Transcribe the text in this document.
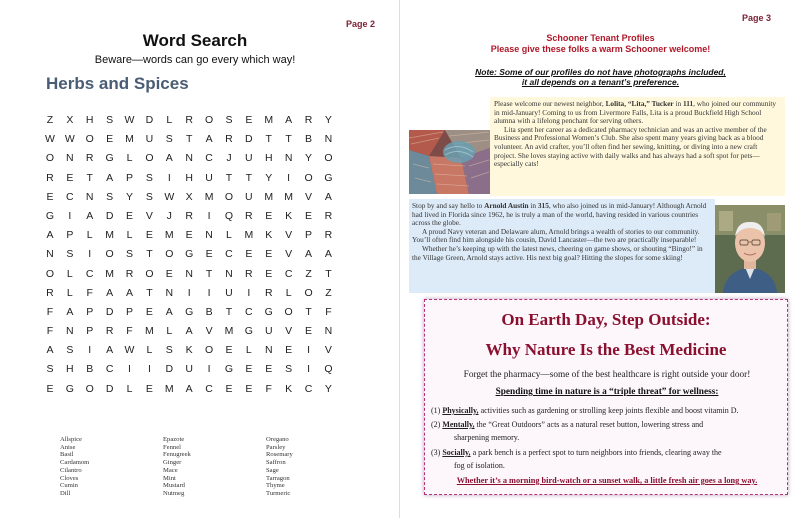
Page 2
Word Search
Beware—words can go every which way!
Herbs and Spices
Z	X	H	S	W	D	L	R	O	S	E	M	A	R	Y
W W	O	E	M	U	S	T	A	R	D	T	T	B	N
O	N	R	G	L	O	A	N	C	J	U	H	N	Y	O
R	E	T	A	P	S	I	H	U	T	T	Y	I	O	G
E	C	N	S	Y	S	W	X	M	O	U	M	M	V	A
G	I	A	D	E	V	J	R	I	Q	R	E	K	E	R
A	P	L	M	L	E	M	E	N	L	M	K	V	P	R
N	S	I	O	S	T	O	G	E	C	E	E	V	A	A
O	L	C	M	R	O	E	N	T	N	R	E	C	Z	T
R	L	F	A	A	T	N	I	I	U	I	R	L	O	Z
F	A	P	D	P	E	A	G	B	T	C	G	O	T	F
F	N	P	R	F	M	L	A	V	M	G	U	V	E	N
A	S	I	A	W	L	S	K	O	E	L	N	E	I	V
S	H	B	C	I	I	D	U	I	G	E	E	S	I	Q
E	G	O	D	L	E	M	A	C	E	E	F	K	C	Y
Allspice
Anise
Basil
Cardamom
Cilantro
Cloves
Cumin
Dill
Epazote
Fennel
Fenugreek
Ginger
Mace
Mint
Mustard
Nutmeg
Oregano
Parsley
Rosemary
Saffron
Sage
Tarragon
Thyme
Turmeric
Page 3
Schooner Tenant Profiles
Please give these folks a warm Schooner welcome!
Note: Some of our profiles do not have photographs included,
it all depends on a tenant’s preference.

Please welcome our newest neighbor, Lolita, “Lita,” Tucker in 111, who joined our community in mid-January! Coming to us from Livermore Falls, Lita is a proud Buckfield High School alumna with a lifelong penchant for serving others.

Lita spent her career as a dedicated pharmacy technician and was an active member of the Business and Professional Women’s Club. She also spent many years giving back as a blood volunteer. An avid crafter, you’ll often find her sewing, knitting, or diving into a new craft project. She loves staying active with daily walks and has always had a soft spot for pets—especially cats!

Stop by and say hello to Arnold Austin in 315, who also joined us in mid-January! Although Arnold had lived in Florida since 1962, he is truly a man of the world, having resided in various countries across the globe.

A proud Navy veteran and Delaware alum, Arnold brings a wealth of stories to our community. You’ll often find him alongside his cousin, David Lancaster—the two are practically inseparable!

Whether he’s keeping up with the latest news, cheering on game shows, or shouting “Bingo!” in the Village Green, Arnold stays active. His next big goal? Hitting the slopes for some skiing!

On Earth Day, Step Outside:
Why Nature Is the Best Medicine
Forget the pharmacy—some of the best healthcare is right outside your door!
Spending time in nature is a “triple threat” for wellness:
(1) Physically, activities such as gardening or strolling keep joints flexible and boost vitamin D.
(2) Mentally, the “Great Outdoors” acts as a natural reset button, lowering stress and
sharpening memory.
(3) Socially, a park bench is a perfect spot to turn neighbors into friends, clearing away the
fog of isolation.
Whether it’s a morning bird-watch or a sunset walk, a little fresh air goes a long way.
